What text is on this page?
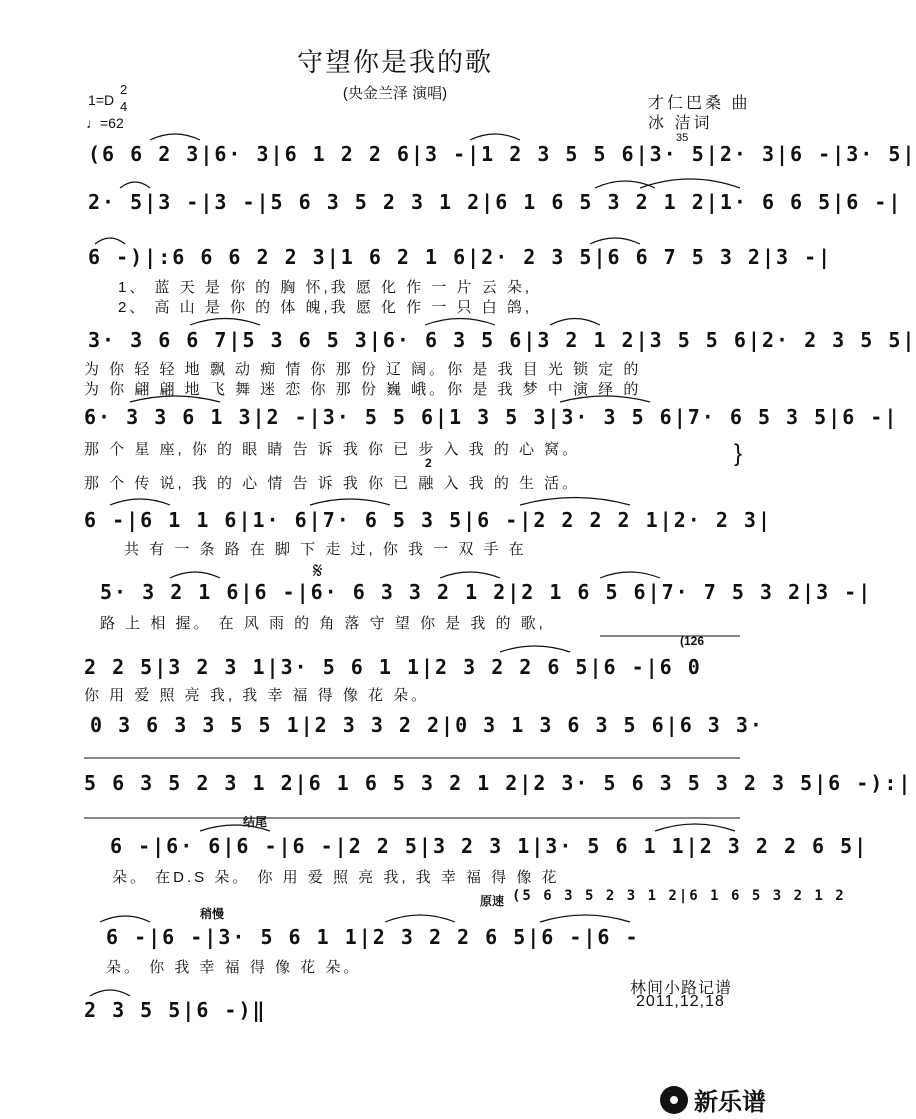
守望你是我的歌
(央金兰泽 演唱)
1=D
2
4
♩=62
才仁巴桑 曲
冰 洁词
(6 6 2 3|6· 3|6 1 2 2 6|3 -|1 2 3 5 5 6|3· 5|2· 3|6 -|3· 5|
35
2· 5|3 -|3 -|5 6 3 5 2 3 1 2|6 1 6 5 3 2 1 2|1· 6 6 5|6 -|
6 -)|:6 6 6 2 2 3|1 6 2 1 6|2· 2 3 5|6 6 7 5 3 2|3 -|
1、 蓝 天 是 你 的 胸 怀,我 愿 化 作 一 片 云 朵,
2、 高 山 是 你 的 体 魄,我 愿 化 作 一 只 白 鸽,
3· 3 6 6 7|5 3 6 5 3|6· 6 3 5 6|3 2 1 2|3 5 5 6|2· 2 3 5 5|
为 你 轻 轻 地 飘 动 痴 情 你 那 份 辽 阔。你 是 我 目 光 锁 定 的
为 你 翩 翩 地 飞 舞 迷 恋 你 那 份 巍 峨。你 是 我 梦 中 演 绎 的
6· 3 3 6 1 3|2 -|3· 5 5 6|1 3 5 3|3· 3 5 6|7· 6 5 3 5|6 -|
那 个 星 座, 你 的 眼 睛 告 诉 我 你 已 步 入 我 的 心 窝。
那 个 传 说, 我 的 心 情 告 诉 我 你 已 融 入 我 的 生 活。
2	}
6 -|6 1 1 6|1· 6|7· 6 5 3 5|6 -|2 2 2 2 1|2· 2 3|
共 有 一 条 路 在 脚 下 走 过, 你 我 一 双 手 在
5· 3 2 1 6|6 -|6· 6 3 3 2 1 2|2 1 6 5 6|7· 7 5 3 2|3 -|
路 上 相 握。 在 风 雨 的 角 落 守 望 你 是 我 的 歌,
𝄋
2 2 5|3 2 3 1|3· 5 6 1 1|2 3 2 2 6 5|6 -|6 0
你 用 爱 照 亮 我, 我 幸 福 得 像 花 朵。
(126
0 3 6 3 3 5 5 1|2 3 3 2 2|0 3 1 3 6 3 5 6|6 3 3·
5 6 3 5 2 3 1 2|6 1 6 5 3 2 1 2|2 3· 5 6 3 5 3 2 3 5|6 -):|
结尾
6 -|6· 6|6 -|6 -|2 2 5|3 2 3 1|3· 5 6 1 1|2 3 2 2 6 5|
朵。 在D.S 朵。 你 用 爱 照 亮 我, 我 幸 福 得 像 花
原速 (5 6 3 5 2 3 1 2|6 1 6 5 3 2 1 2
稍慢
6 -|6 -|3· 5 6 1 1|2 3 2 2 6 5|6 -|6 -
朵。 你 我 幸 福 得 像 花 朵。
2 3 5 5|6 -)‖
林间小路记谱
2011,12,18
新乐谱
